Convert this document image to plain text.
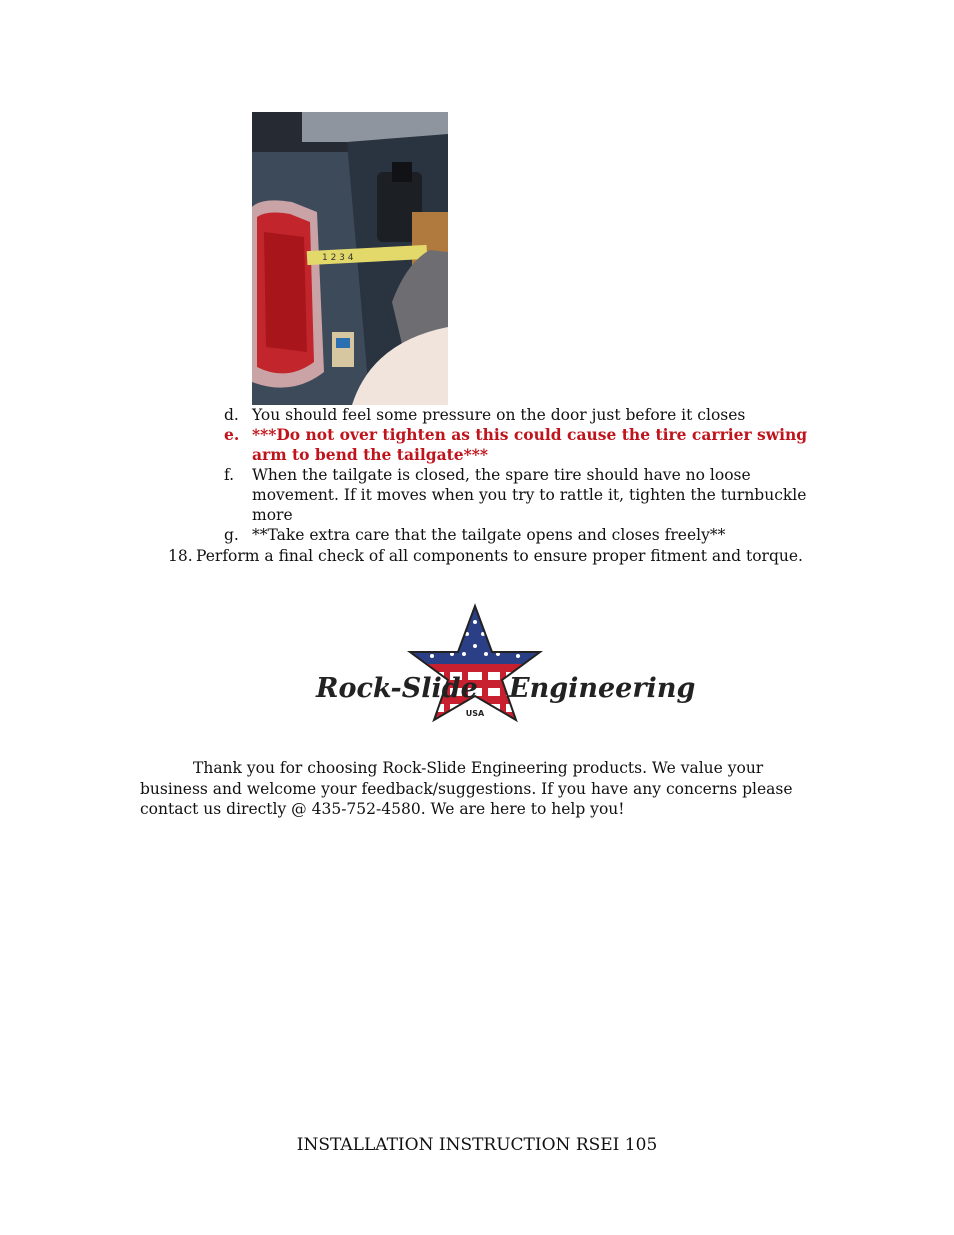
1 2 3 4
d. You should feel some pressure on the door just before it closes
e. ***Do not over tighten as this could cause the tire carrier swing arm to bend the tailgate***
f.	When the tailgate is closed, the spare tire should have no loose movement. If it moves when you try to rattle it, tighten the turnbuckle more
g. **Take extra care that the tailgate opens and closes freely**
18. Perform a final check of all components to ensure proper fitment and torque.
Rock-Slide Engineering
USA
Thank you for choosing Rock-Slide Engineering products. We value your business and welcome your feedback/suggestions. If you have any concerns please contact us directly @ 435-752-4580. We are here to help you!
INSTALLATION INSTRUCTION RSEI 105
